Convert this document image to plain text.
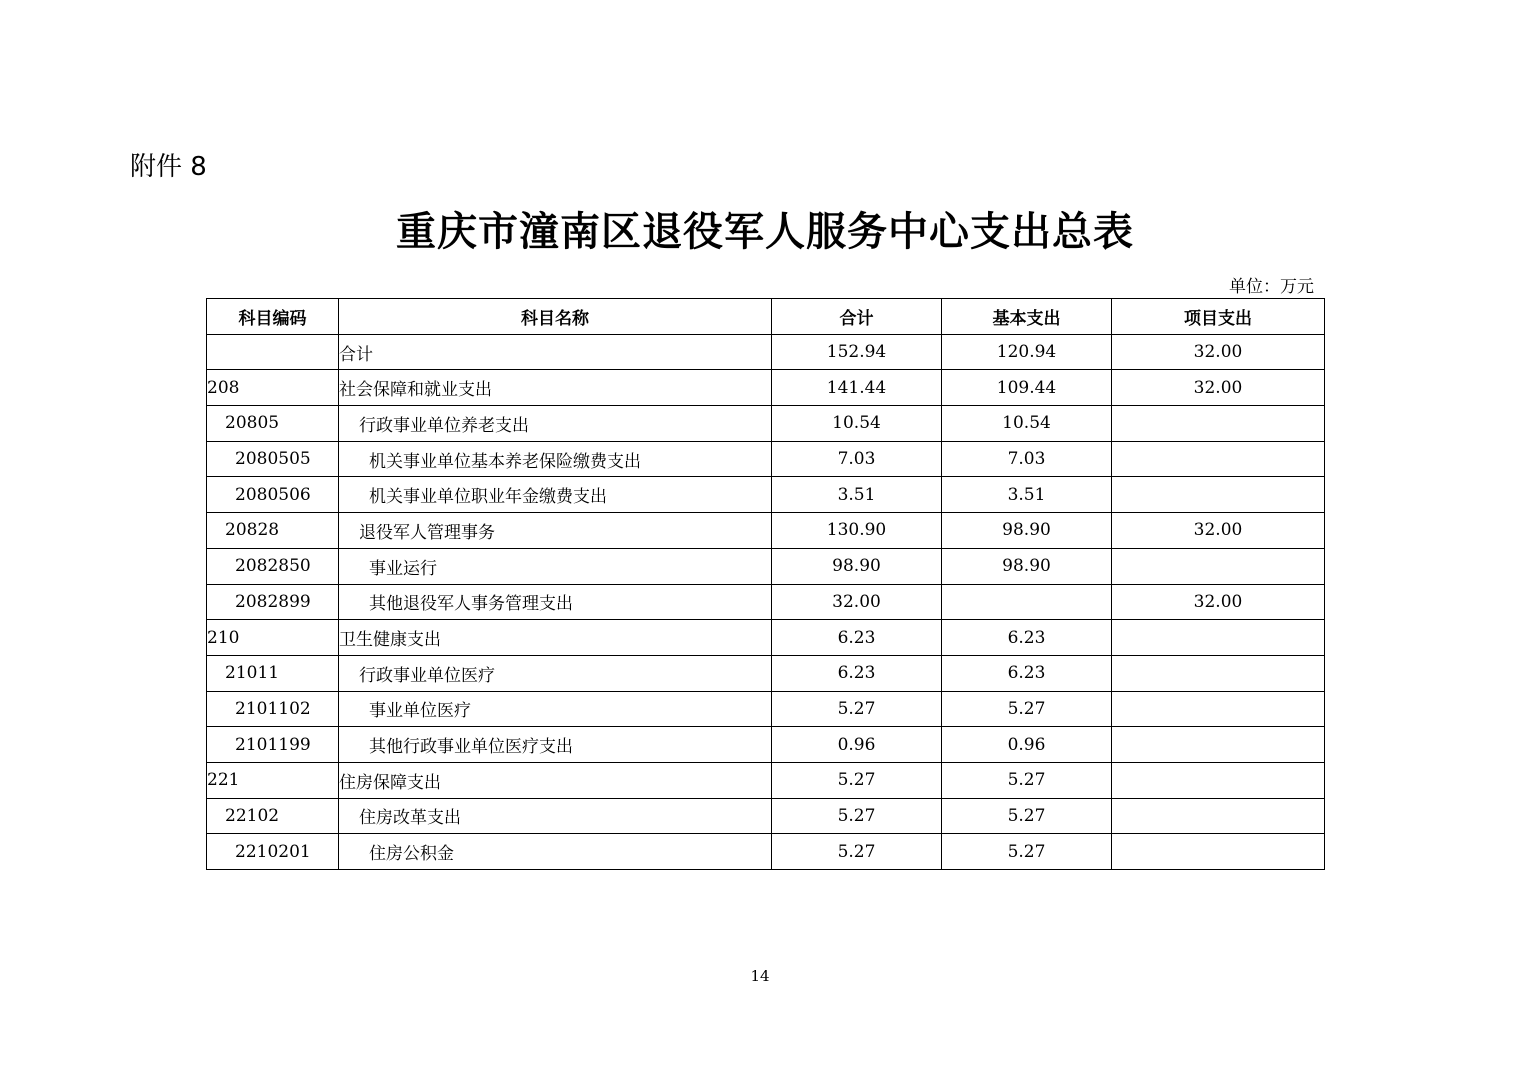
附件 8
重庆市潼南区退役军人服务中心支出总表
单位：万元
科目编码	科目名称	合计	基本支出	项目支出
	合计	152.94	120.94	32.00
208	社会保障和就业支出	141.44	109.44	32.00
20805	行政事业单位养老支出	10.54	10.54	
2080505	机关事业单位基本养老保险缴费支出	7.03	7.03	
2080506	机关事业单位职业年金缴费支出	3.51	3.51	
20828	退役军人管理事务	130.90	98.90	32.00
2082850	事业运行	98.90	98.90	
2082899	其他退役军人事务管理支出	32.00		32.00
210	卫生健康支出	6.23	6.23	
21011	行政事业单位医疗	6.23	6.23	
2101102	事业单位医疗	5.27	5.27	
2101199	其他行政事业单位医疗支出	0.96	0.96	
221	住房保障支出	5.27	5.27	
22102	住房改革支出	5.27	5.27	
2210201	住房公积金	5.27	5.27	
14
